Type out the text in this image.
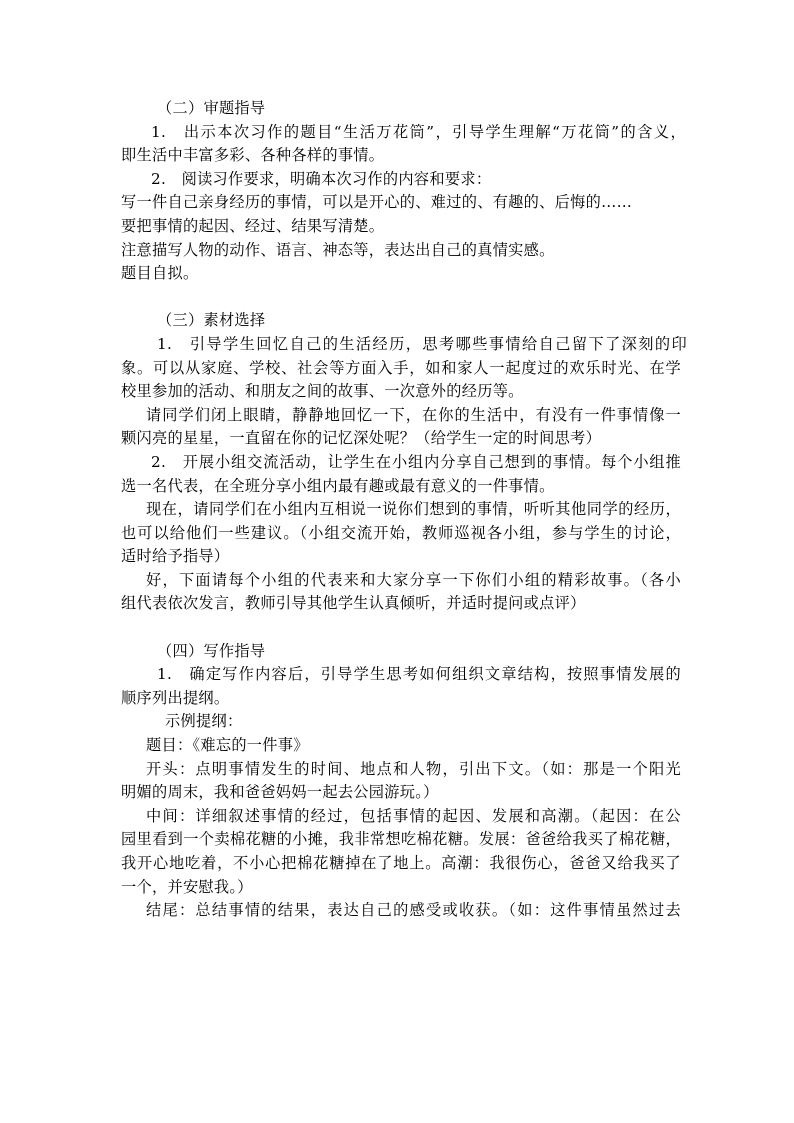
（二）审题指导
1.　出示本次习作的题目“生活万花筒”，引导学生理解“万花筒”的含义，
即生活中丰富多彩、各种各样的事情。
2.　阅读习作要求，明确本次习作的内容和要求：
写一件自己亲身经历的事情，可以是开心的、难过的、有趣的、后悔的……
要把事情的起因、经过、结果写清楚。
注意描写人物的动作、语言、神态等，表达出自己的真情实感。
题目自拟。
（三）素材选择
1.　引导学生回忆自己的生活经历，思考哪些事情给自己留下了深刻的印
象。可以从家庭、学校、社会等方面入手，如和家人一起度过的欢乐时光、在学
校里参加的活动、和朋友之间的故事、一次意外的经历等。
请同学们闭上眼睛，静静地回忆一下，在你的生活中，有没有一件事情像一
颗闪亮的星星，一直留在你的记忆深处呢？（给学生一定的时间思考）
2.　开展小组交流活动，让学生在小组内分享自己想到的事情。每个小组推
选一名代表，在全班分享小组内最有趣或最有意义的一件事情。
现在，请同学们在小组内互相说一说你们想到的事情，听听其他同学的经历，
也可以给他们一些建议。（小组交流开始，教师巡视各小组，参与学生的讨论，
适时给予指导）
好，下面请每个小组的代表来和大家分享一下你们小组的精彩故事。（各小
组代表依次发言，教师引导其他学生认真倾听，并适时提问或点评）
（四）写作指导
1.　确定写作内容后，引导学生思考如何组织文章结构，按照事情发展的
顺序列出提纲。
示例提纲：
题目：《难忘的一件事》
开头：点明事情发生的时间、地点和人物，引出下文。（如：那是一个阳光
明媚的周末，我和爸爸妈妈一起去公园游玩。）
中间：详细叙述事情的经过，包括事情的起因、发展和高潮。（起因：在公
园里看到一个卖棉花糖的小摊，我非常想吃棉花糖。发展：爸爸给我买了棉花糖，
我开心地吃着，不小心把棉花糖掉在了地上。高潮：我很伤心，爸爸又给我买了
一个，并安慰我。）
结尾：总结事情的结果，表达自己的感受或收获。（如：这件事情虽然过去
